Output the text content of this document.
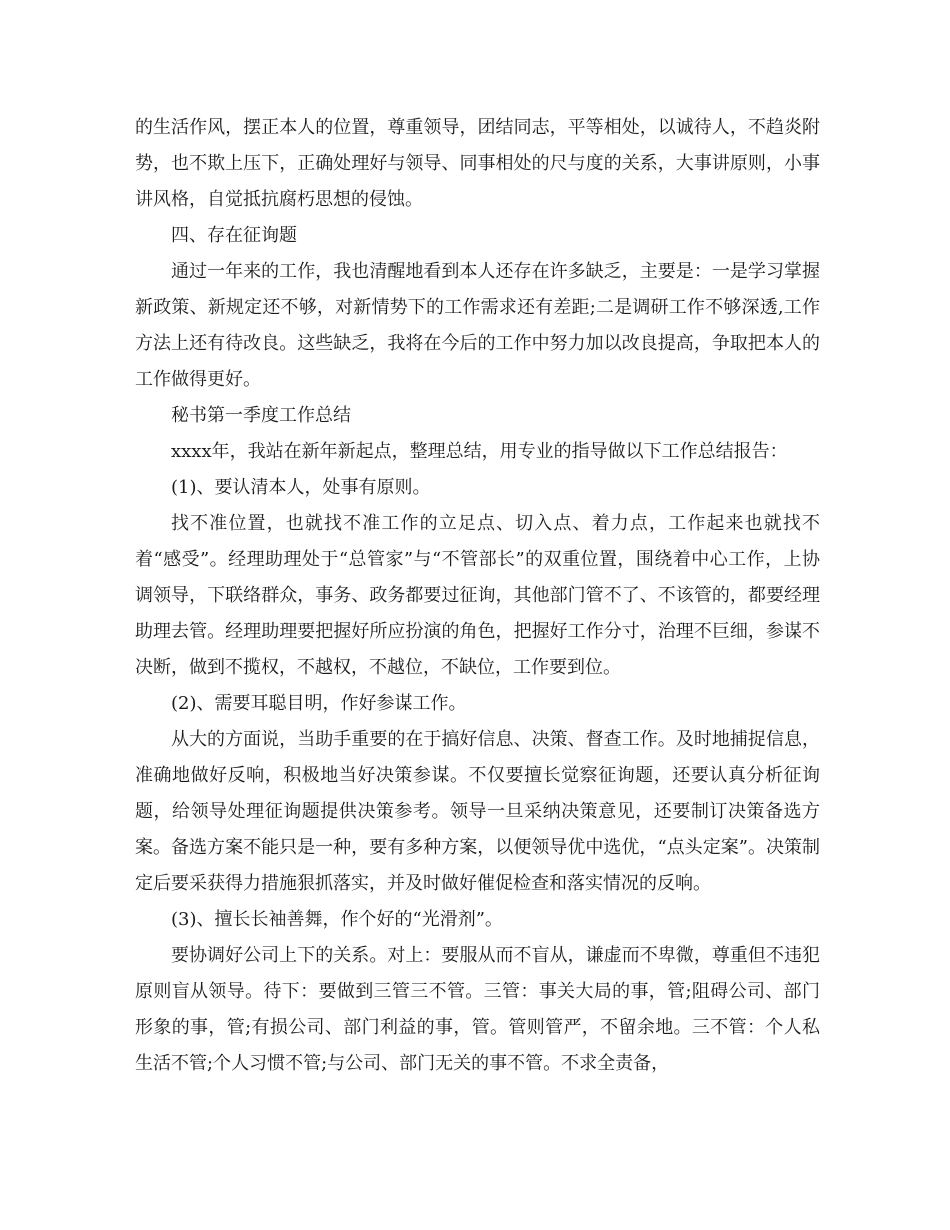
的生活作风，摆正本人的位置，尊重领导，团结同志，平等相处，以诚待人，不趋炎附势，也不欺上压下，正确处理好与领导、同事相处的尺与度的关系，大事讲原则，小事讲风格，自觉抵抗腐朽思想的侵蚀。

四、存在征询题

通过一年来的工作，我也清醒地看到本人还存在许多缺乏，主要是：一是学习掌握新政策、新规定还不够，对新情势下的工作需求还有差距;二是调研工作不够深透,工作方法上还有待改良。这些缺乏，我将在今后的工作中努力加以改良提高，争取把本人的工作做得更好。

秘书第一季度工作总结

xxxx年，我站在新年新起点，整理总结，用专业的指导做以下工作总结报告：

(1)、要认清本人，处事有原则。

找不准位置，也就找不准工作的立足点、切入点、着力点，工作起来也就找不着“感受”。经理助理处于“总管家”与“不管部长”的双重位置，围绕着中心工作，上协调领导，下联络群众，事务、政务都要过征询，其他部门管不了、不该管的，都要经理助理去管。经理助理要把握好所应扮演的角色，把握好工作分寸，治理不巨细，参谋不决断，做到不揽权，不越权，不越位，不缺位，工作要到位。

(2)、需要耳聪目明，作好参谋工作。

从大的方面说，当助手重要的在于搞好信息、决策、督查工作。及时地捕捉信息，准确地做好反响，积极地当好决策参谋。不仅要擅长觉察征询题，还要认真分析征询题，给领导处理征询题提供决策参考。领导一旦采纳决策意见，还要制订决策备选方案。备选方案不能只是一种，要有多种方案，以便领导优中选优，“点头定案”。决策制定后要采获得力措施狠抓落实，并及时做好催促检查和落实情况的反响。

(3)、擅长长袖善舞，作个好的“光滑剂”。

要协调好公司上下的关系。对上：要服从而不盲从，谦虚而不卑微，尊重但不违犯原则盲从领导。待下：要做到三管三不管。三管：事关大局的事，管;阻碍公司、部门形象的事，管;有损公司、部门利益的事，管。管则管严，不留余地。三不管：个人私生活不管;个人习惯不管;与公司、部门无关的事不管。不求全责备，
